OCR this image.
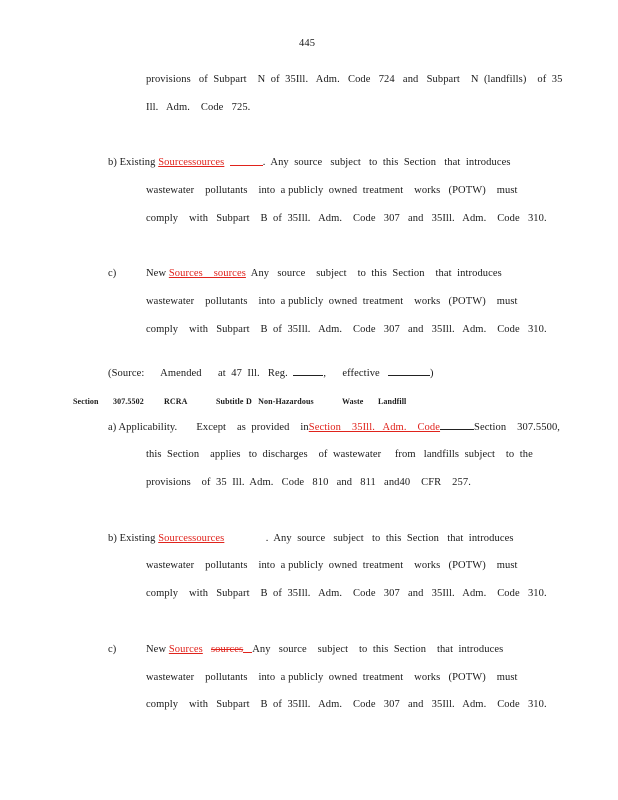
445
provisions   of  Subpart    N  of  35Ill.   Adm.   Code   724   and   Subpart    N  (landfills)    of  35
Ill.   Adm.    Code   725.
b) Existing Sourcessources	.  Any  source   subject   to  this  Section   that  introduces
wastewater    pollutants    into  a publicly  owned  treatment    works   (POTW)    must
comply    with   Subpart    B  of  35Ill.   Adm.    Code   307   and   35Ill.   Adm.    Code   310.
c)	New Sources    sources  Any   source    subject    to  this  Section    that  introduces
wastewater    pollutants    into  a publicly  owned  treatment    works   (POTW)    must
comply    with   Subpart    B  of  35Ill.   Adm.    Code   307   and   35Ill.   Adm.    Code   310.
(Source:      Amended      at  47  Ill.   Reg.	,      effective	)
Section 307.5502	RCRA	Subtitle D   Non-Hazardous	Waste Landfill
a) Applicability.       Except    as  provided    inSection    35Ill.   Adm.    Code	Section    307.5500,
this  Section    applies   to  discharges    of  wastewater     from   landfills  subject    to  the
provisions    of  35  Ill.  Adm.   Code   810   and   811   and40    CFR    257.
b) Existing Sourcessources	.  Any  source   subject   to  this  Section   that  introduces
wastewater    pollutants    into  a publicly  owned  treatment    works   (POTW)    must
comply    with   Subpart    B  of  35Ill.   Adm.    Code   307   and   35Ill.   Adm.    Code   310.
c)	New Sources sources Any   source    subject    to  this  Section    that  introduces
wastewater    pollutants    into  a publicly  owned  treatment    works   (POTW)    must
comply    with   Subpart    B  of  35Ill.   Adm.    Code   307   and   35Ill.   Adm.    Code   310.
